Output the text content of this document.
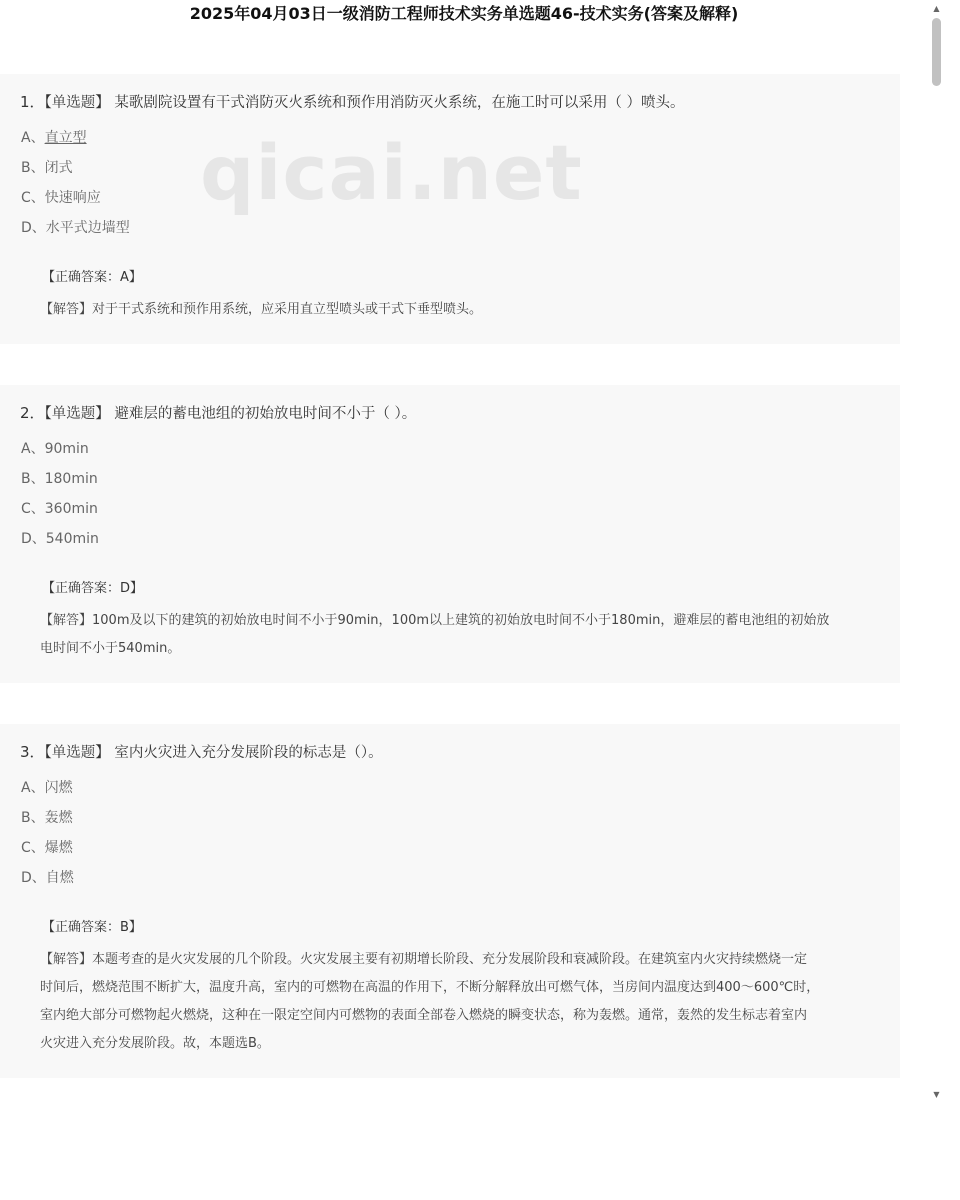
2025年04月03日一级消防工程师技术实务单选题46-技术实务(答案及解释)
1．【单选题】 某歌剧院设置有干式消防灭火系统和预作用消防灭火系统，在施工时可以采用（ ）喷头。
A、直立型
B、闭式
C、快速响应
D、水平式边墙型
【正确答案：A】
【解答】对于干式系统和预作用系统，应采用直立型喷头或干式下垂型喷头。
2．【单选题】 避难层的蓄电池组的初始放电时间不小于（ ）。
A、90min
B、180min
C、360min
D、540min
【正确答案：D】
【解答】100m及以下的建筑的初始放电时间不小于90min，100m以上建筑的初始放电时间不小于180min，避难层的蓄电池组的初始放
电时间不小于540min。
3．【单选题】 室内火灾进入充分发展阶段的标志是（）。
A、闪燃
B、轰燃
C、爆燃
D、自燃
【正确答案：B】
【解答】本题考查的是火灾发展的几个阶段。火灾发展主要有初期增长阶段、充分发展阶段和衰减阶段。在建筑室内火灾持续燃烧一定
时间后，燃烧范围不断扩大，温度升高，室内的可燃物在高温的作用下，不断分解释放出可燃气体，当房间内温度达到400～600℃时，
室内绝大部分可燃物起火燃烧，这种在一限定空间内可燃物的表面全部卷入燃烧的瞬变状态，称为轰燃。通常，轰然的发生标志着室内
火灾进入充分发展阶段。故，本题选B。
qicai.net
▲
▼
